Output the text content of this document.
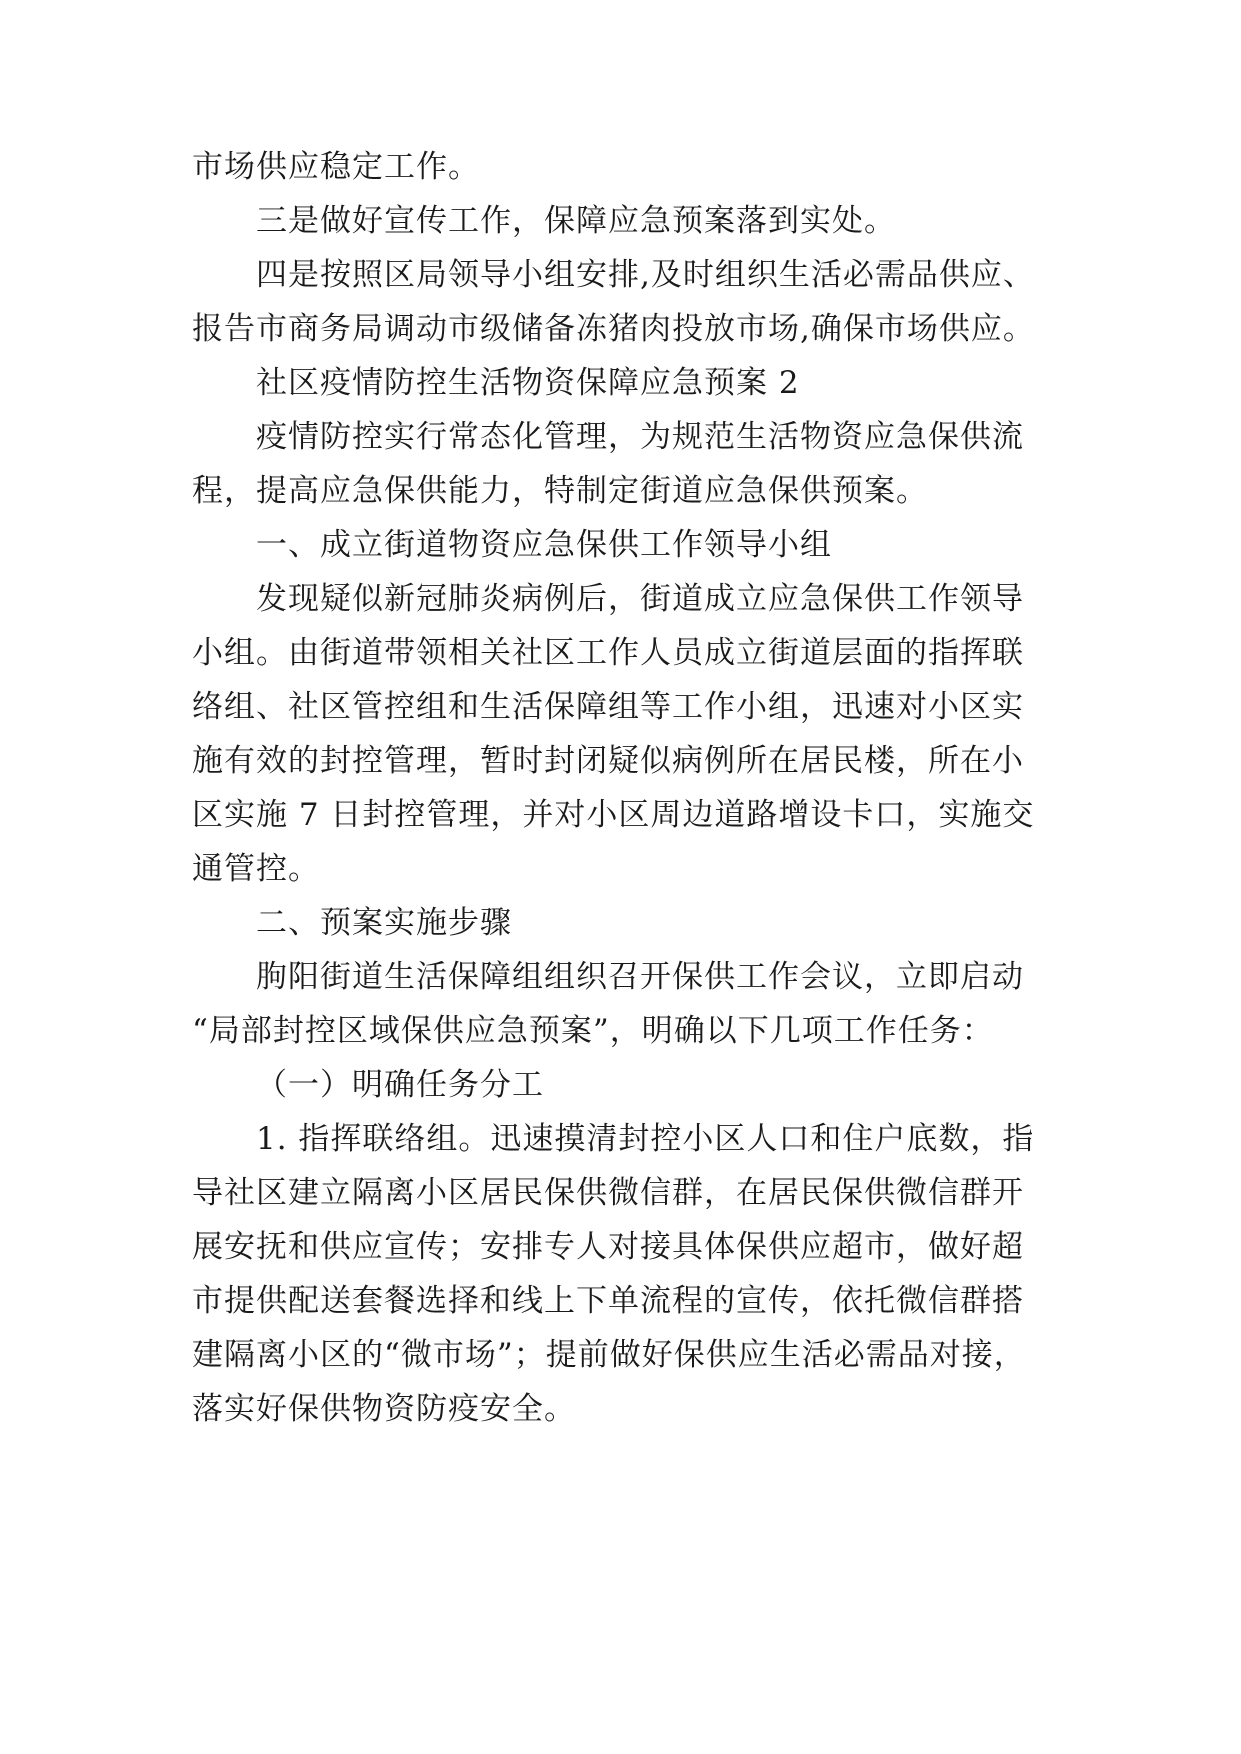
市场供应稳定工作。
三是做好宣传工作，保障应急预案落到实处。
四是按照区局领导小组安排,及时组织生活必需品供应、
报告市商务局调动市级储备冻猪肉投放市场,确保市场供应。
社区疫情防控生活物资保障应急预案 2
疫情防控实行常态化管理，为规范生活物资应急保供流
程，提高应急保供能力，特制定街道应急保供预案。
一、成立街道物资应急保供工作领导小组
发现疑似新冠肺炎病例后，街道成立应急保供工作领导
小组。由街道带领相关社区工作人员成立街道层面的指挥联
络组、社区管控组和生活保障组等工作小组，迅速对小区实
施有效的封控管理，暂时封闭疑似病例所在居民楼，所在小
区实施 7 日封控管理，并对小区周边道路增设卡口，实施交
通管控。
二、预案实施步骤
朐阳街道生活保障组组织召开保供工作会议，立即启动
“局部封控区域保供应急预案”，明确以下几项工作任务：
（一）明确任务分工
1. 指挥联络组。迅速摸清封控小区人口和住户底数，指
导社区建立隔离小区居民保供微信群，在居民保供微信群开
展安抚和供应宣传；安排专人对接具体保供应超市，做好超
市提供配送套餐选择和线上下单流程的宣传，依托微信群搭
建隔离小区的“微市场”；提前做好保供应生活必需品对接，
落实好保供物资防疫安全。
